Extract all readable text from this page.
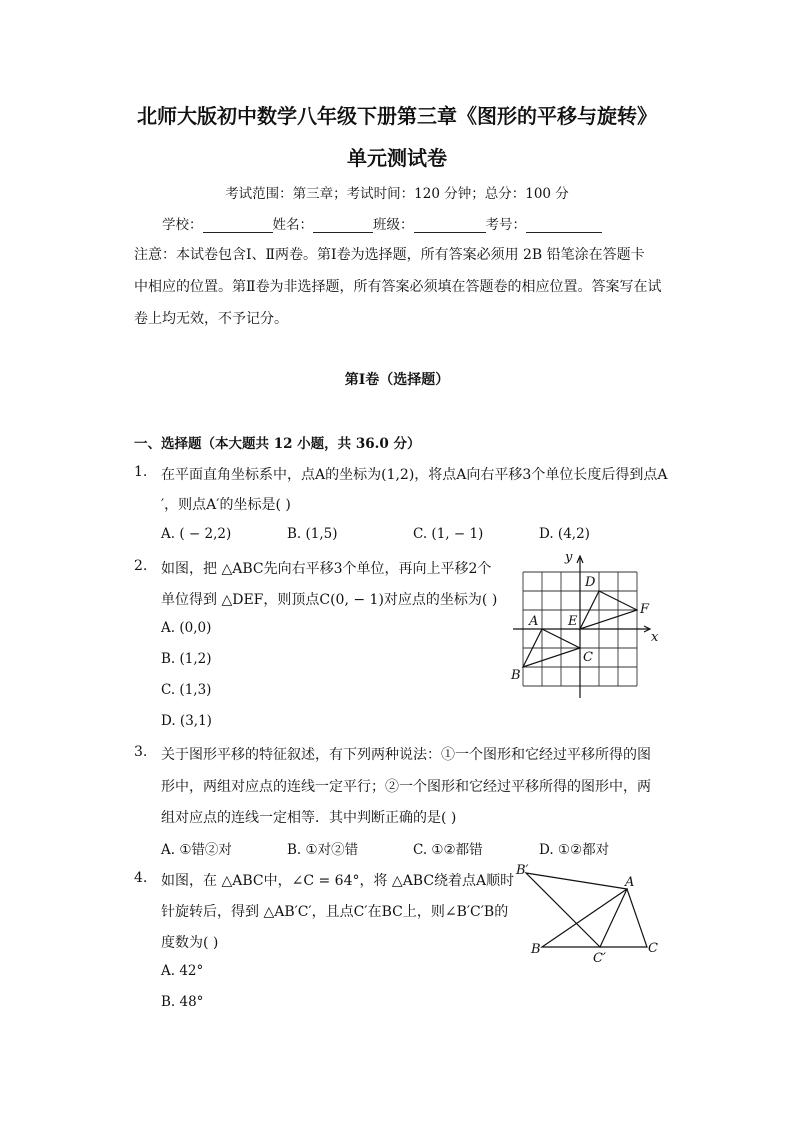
北师大版初中数学八年级下册第三章《图形的平移与旋转》
单元测试卷
考试范围：第三章；考试时间：120 分钟；总分：100 分
学校：	姓名：	班级：	考号：
注意：本试卷包含Ⅰ、Ⅱ两卷。第Ⅰ卷为选择题，所有答案必须用 2B 铅笔涂在答题卡
中相应的位置。第Ⅱ卷为非选择题，所有答案必须填在答题卷的相应位置。答案写在试
卷上均无效，不予记分。
第Ⅰ卷（选择题）
一、选择题（本大题共 12 小题，共 36.0 分）
1. 在平面直角坐标系中，点A的坐标为(1,2)，将点A向右平移3个单位长度后得到点A
′，则点A′的坐标是( )
A. ( − 2,2)	B. (1,5)	C. (1, − 1)	D. (4,2)
2. 如图，把 △ABC先向右平移3个单位，再向上平移2个
单位得到 △DEF，则顶点C(0, − 1)对应点的坐标为( )
A. (0,0)
B. (1,2)
C. (1,3)
D. (3,1)
y
x
A
B
C
D
E
F
3. 关于图形平移的特征叙述，有下列两种说法：①一个图形和它经过平移所得的图
形中，两组对应点的连线一定平行；②一个图形和它经过平移所得的图形中，两
组对应点的连线一定相等．其中判断正确的是( )
A. ①错②对	B. ①对②错	C. ①②都错	D. ①②都对
4. 如图，在 △ABC中，∠C = 64°，将 △ABC绕着点A顺时
针旋转后，得到 △AB′C′，且点C′在BC上，则∠B′C′B的
度数为( )
A. 42°
B. 48°
B′
A
B
C′
C
